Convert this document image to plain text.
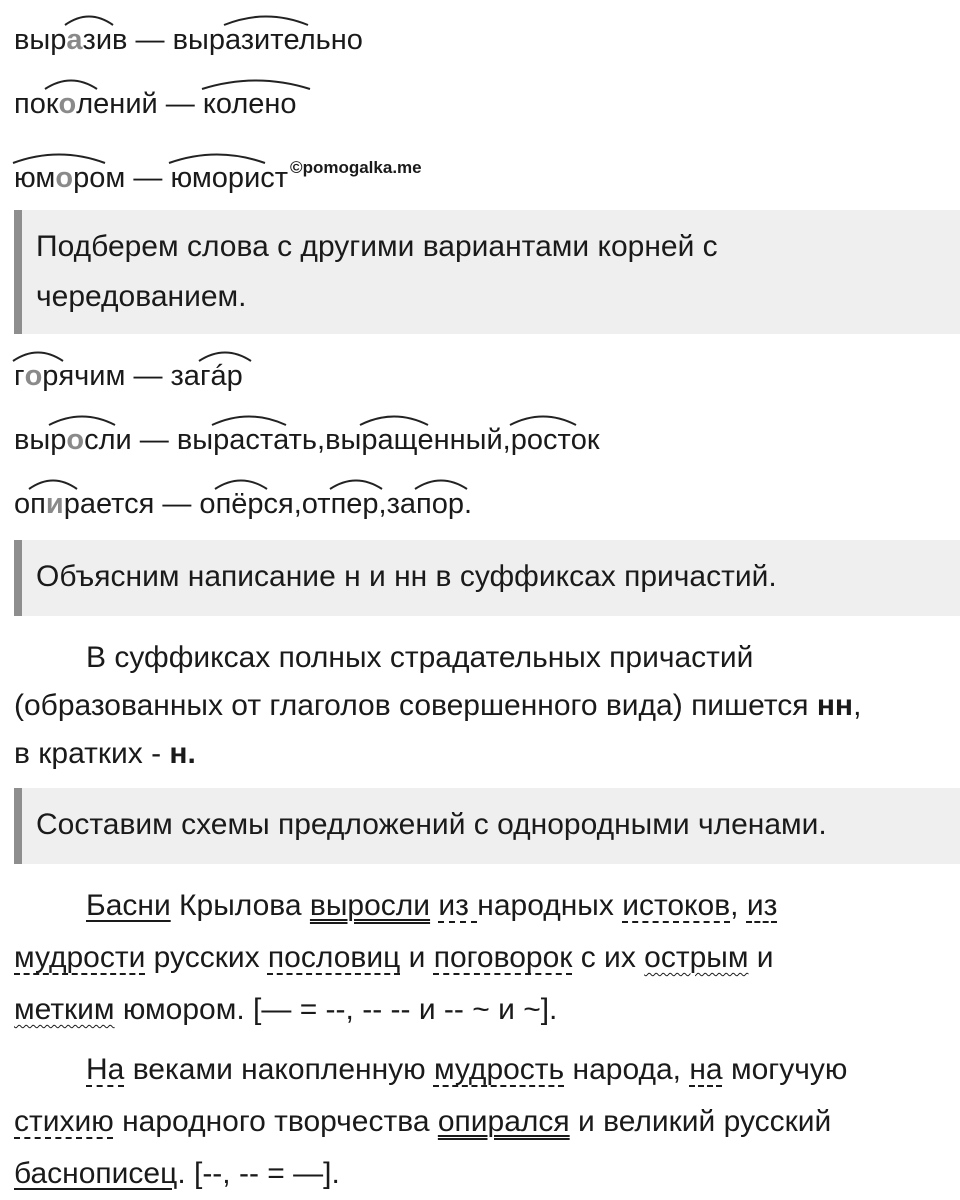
выр
азив — выр
азительно
по
колений —
колено
юмором —
юморист $^{©pomogalka.me}$
Подберем слова с другими вариантами корней с
чередованием.
горячим — за
гáр
вы
росли — вы
растать,вы
ращенный,
росток
о
пирается — о
пёрся,от
пер,за
пор.
Объясним написание н и нн в суффиксах причастий.
В суффиксах полных страдательных причастий
(образованных от глаголов совершенного вида) пишется нн,
в кратких - н.
Составим схемы предложений с однородными членами.
Басни Крылова выросли из народных истоков, из
мудрости русских пословиц и поговорок с их острым и
метким юмором. [— = --, -- -- и -- ~ и ~].
На веками накопленную мудрость народа, на могучую
стихию народного творчества опирался и великий русский
баснописец. [--, -- = —].
